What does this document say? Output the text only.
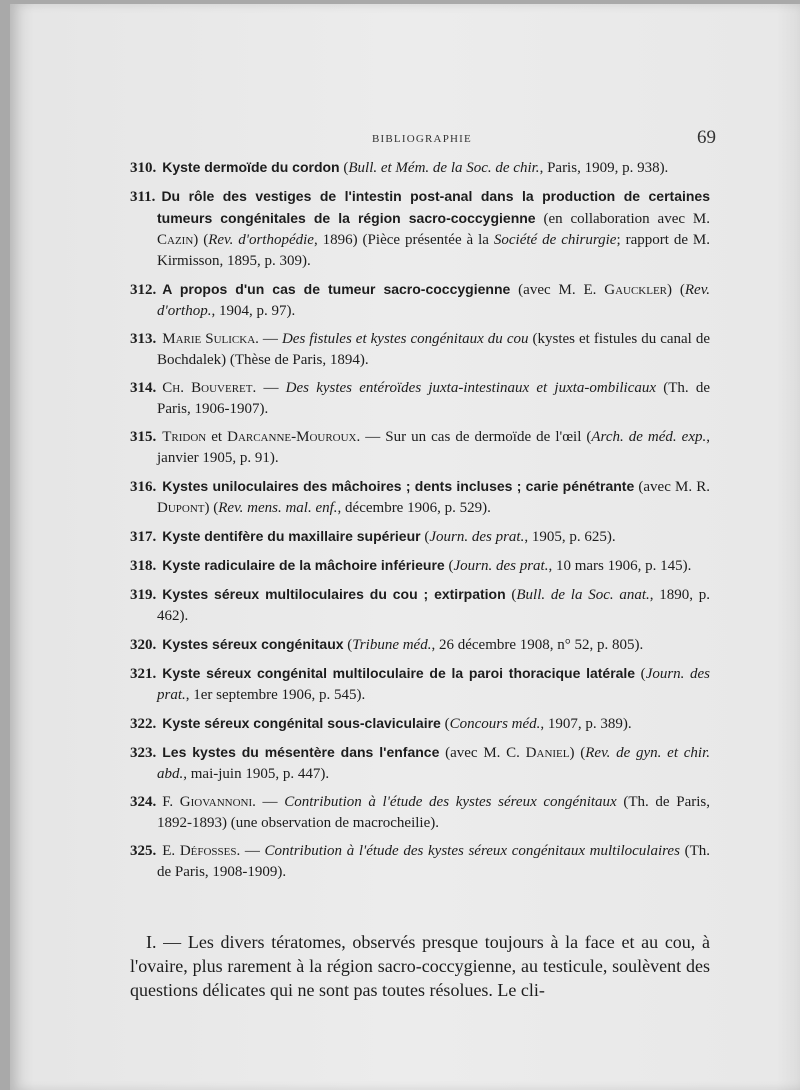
BIBLIOGRAPHIE	69
310. Kyste dermoïde du cordon (Bull. et Mém. de la Soc. de chir., Paris, 1909, p. 938).
311. Du rôle des vestiges de l'intestin post-anal dans la production de certaines tumeurs congénitales de la région sacro-coccygienne (en collaboration avec M. Cazin) (Rev. d'orthopédie, 1896) (Pièce présentée à la Société de chirurgie; rapport de M. Kirmisson, 1895, p. 309).
312. A propos d'un cas de tumeur sacro-coccygienne (avec M. E. Gauckler) (Rev. d'orthop., 1904, p. 97).
313. Marie Sulicka. — Des fistules et kystes congénitaux du cou (kystes et fistules du canal de Bochdalek) (Thèse de Paris, 1894).
314. Ch. Bouveret. — Des kystes entéroïdes juxta-intestinaux et juxta-ombilicaux (Th. de Paris, 1906-1907).
315. Tridon et Darcanne-Mouroux. — Sur un cas de dermoïde de l'œil (Arch. de méd. exp., janvier 1905, p. 91).
316. Kystes uniloculaires des mâchoires ; dents incluses ; carie pénétrante (avec M. R. Dupont) (Rev. mens. mal. enf., décembre 1906, p. 529).
317. Kyste dentifère du maxillaire supérieur (Journ. des prat., 1905, p. 625).
318. Kyste radiculaire de la mâchoire inférieure (Journ. des prat., 10 mars 1906, p. 145).
319. Kystes séreux multiloculaires du cou ; extirpation (Bull. de la Soc. anat., 1890, p. 462).
320. Kystes séreux congénitaux (Tribune méd., 26 décembre 1908, n° 52, p. 805).
321. Kyste séreux congénital multiloculaire de la paroi thoracique latérale (Journ. des prat., 1er septembre 1906, p. 545).
322. Kyste séreux congénital sous-claviculaire (Concours méd., 1907, p. 389).
323. Les kystes du mésentère dans l'enfance (avec M. C. Daniel) (Rev. de gyn. et chir. abd., mai-juin 1905, p. 447).
324. F. Giovannoni. — Contribution à l'étude des kystes séreux congénitaux (Th. de Paris, 1892-1893) (une observation de macrocheilie).
325. E. Défosses. — Contribution à l'étude des kystes séreux congénitaux multiloculaires (Th. de Paris, 1908-1909).
I. — Les divers tératomes, observés presque toujours à la face et au cou, à l'ovaire, plus rarement à la région sacro-coccygienne, au testicule, soulèvent des questions délicates qui ne sont pas toutes résolues. Le cli-
